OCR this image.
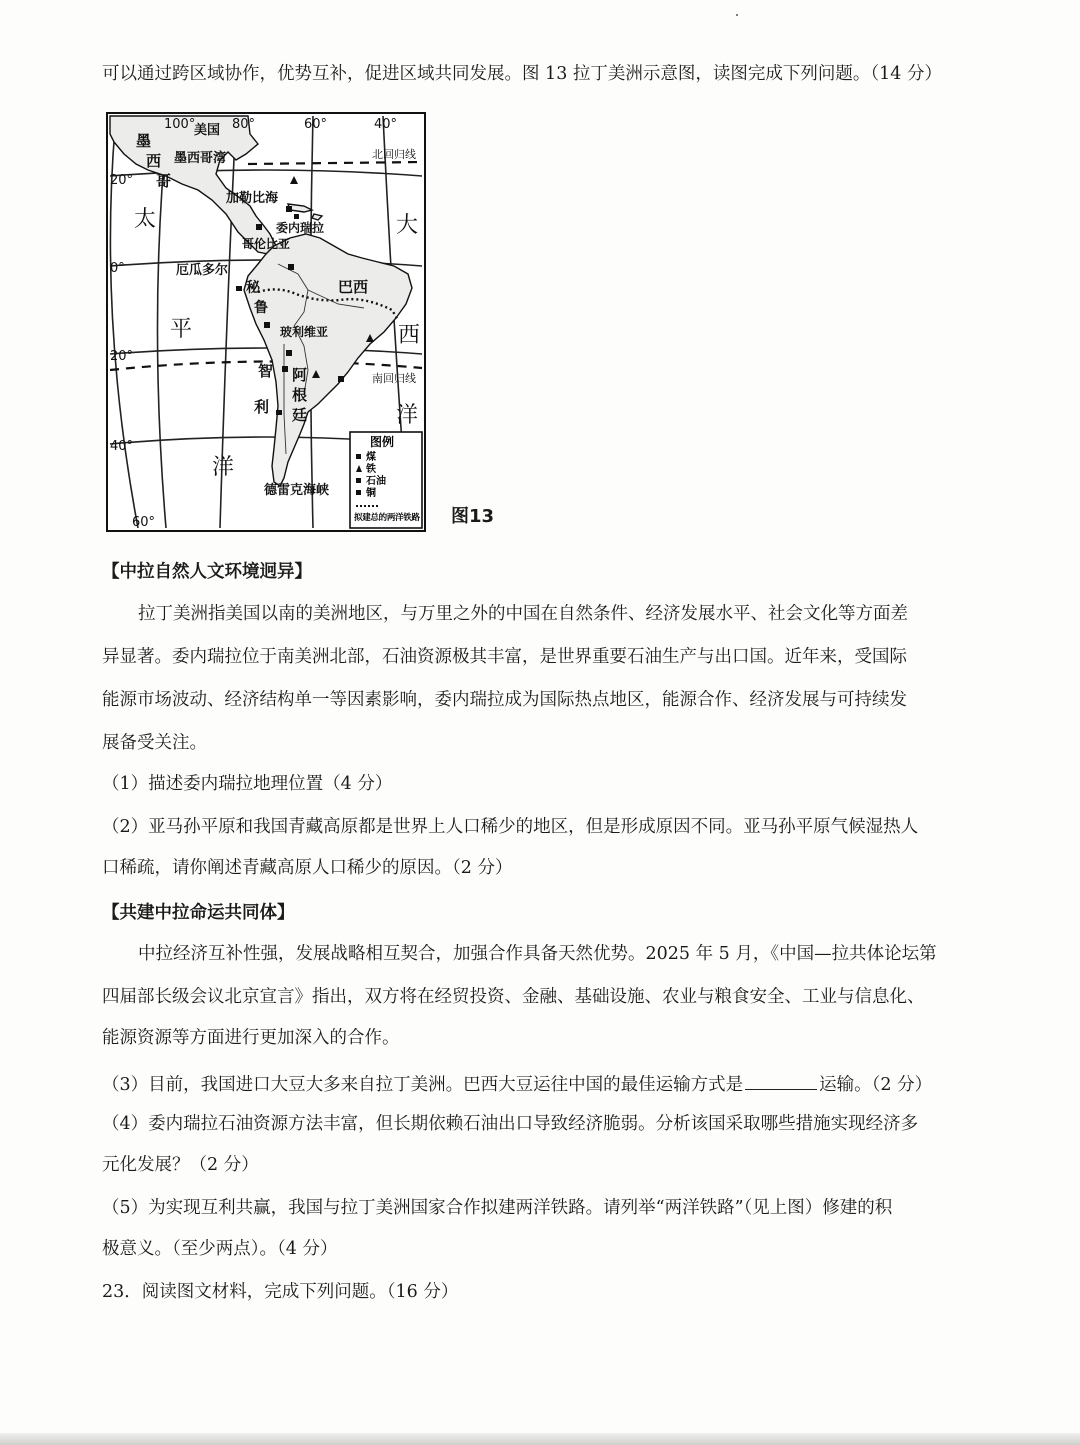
可以通过跨区域协作，优势互补，促进区域共同发展。图 13 拉丁美洲示意图，读图完成下列问题。（14 分）
100°	80°	60°	40°
20°
0°
20°
40°
60°
北回归线
南回归线
太
平
洋
大
西
洋
美国
墨
西
哥
墨西哥湾
加勒比海
委内瑞拉
哥伦比亚
厄瓜多尔
巴西
秘
鲁
玻利维亚
智
利
阿
根
廷
德雷克海峡
图例
煤
铁
石油
铜
拟建总的两洋铁路 图13
【中拉自然人文环境迥异】
拉丁美洲指美国以南的美洲地区，与万里之外的中国在自然条件、经济发展水平、社会文化等方面差
异显著。委内瑞拉位于南美洲北部，石油资源极其丰富，是世界重要石油生产与出口国。近年来，受国际
能源市场波动、经济结构单一等因素影响，委内瑞拉成为国际热点地区，能源合作、经济发展与可持续发
展备受关注。
（1）描述委内瑞拉地理位置（4 分）
（2）亚马孙平原和我国青藏高原都是世界上人口稀少的地区，但是形成原因不同。亚马孙平原气候湿热人
口稀疏，请你阐述青藏高原人口稀少的原因。（2 分）
【共建中拉命运共同体】
中拉经济互补性强，发展战略相互契合，加强合作具备天然优势。2025 年 5 月，《中国—拉共体论坛第
四届部长级会议北京宣言》指出，双方将在经贸投资、金融、基础设施、农业与粮食安全、工业与信息化、
能源资源等方面进行更加深入的合作。
（3）目前，我国进口大豆大多来自拉丁美洲。巴西大豆运往中国的最佳运输方式是	运输。（2 分）
（4）委内瑞拉石油资源方法丰富，但长期依赖石油出口导致经济脆弱。分析该国采取哪些措施实现经济多
元化发展？（2 分）
（5）为实现互利共赢，我国与拉丁美洲国家合作拟建两洋铁路。请列举“两洋铁路”（见上图）修建的积
极意义。（至少两点）。（4 分）
23．阅读图文材料，完成下列问题。（16 分）
